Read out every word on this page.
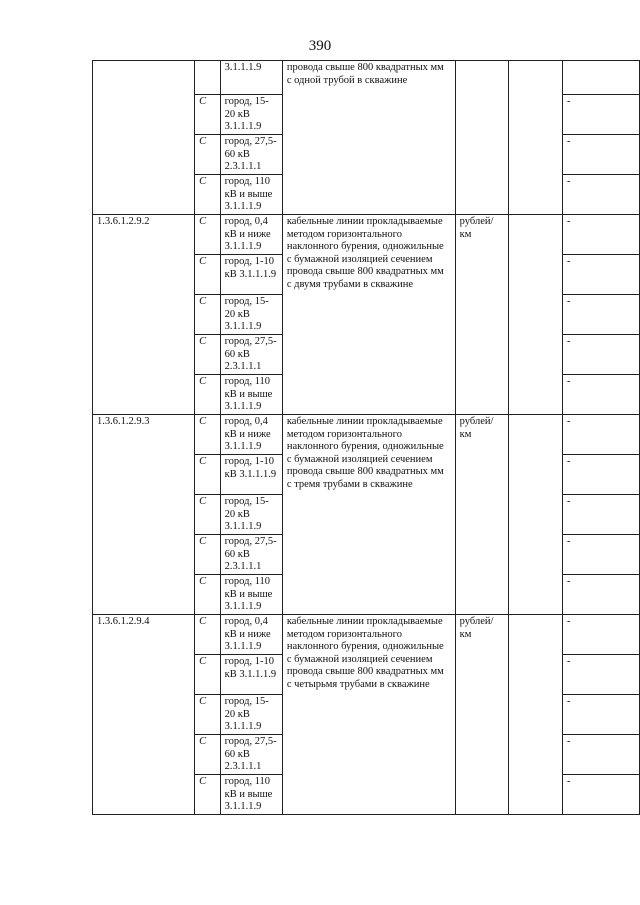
390
		3.1.1.1.9	провода свыше 800 квадратных мм с одной трубой в скважине			
	С	город, 15-20 кВ 3.1.1.1.9				-
	С	город, 27,5-60 кВ 2.3.1.1.1				-
	С	город, 110 кВ и выше 3.1.1.1.9				-
1.3.6.1.2.9.2	С	город, 0,4 кВ и ниже 3.1.1.1.9	кабельные линии прокладываемые методом горизонтального наклонного бурения, одножильные с бумажной изоляцией сечением провода свыше 800 квадратных мм с двумя трубами в скважине	рублей/ км		-
	С	город, 1-10 кВ 3.1.1.1.9				-
	С	город, 15-20 кВ 3.1.1.1.9				-
	С	город, 27,5-60 кВ 2.3.1.1.1				-
	С	город, 110 кВ и выше 3.1.1.1.9				-
1.3.6.1.2.9.3	С	город, 0,4 кВ и ниже 3.1.1.1.9	кабельные линии прокладываемые методом горизонтального наклонного бурения, одножильные с бумажной изоляцией сечением провода свыше 800 квадратных мм с тремя трубами в скважине	рублей/ км		-
	С	город, 1-10 кВ 3.1.1.1.9				-
	С	город, 15-20 кВ 3.1.1.1.9				-
	С	город, 27,5-60 кВ 2.3.1.1.1				-
	С	город, 110 кВ и выше 3.1.1.1.9				-
1.3.6.1.2.9.4	С	город, 0,4 кВ и ниже 3.1.1.1.9	кабельные линии прокладываемые методом горизонтального наклонного бурения, одножильные с бумажной изоляцией сечением провода свыше 800 квадратных мм с четырьмя трубами в скважине	рублей/ км		-
	С	город, 1-10 кВ 3.1.1.1.9				-
	С	город, 15-20 кВ 3.1.1.1.9				-
	С	город, 27,5-60 кВ 2.3.1.1.1				-
	С	город, 110 кВ и выше 3.1.1.1.9				-
